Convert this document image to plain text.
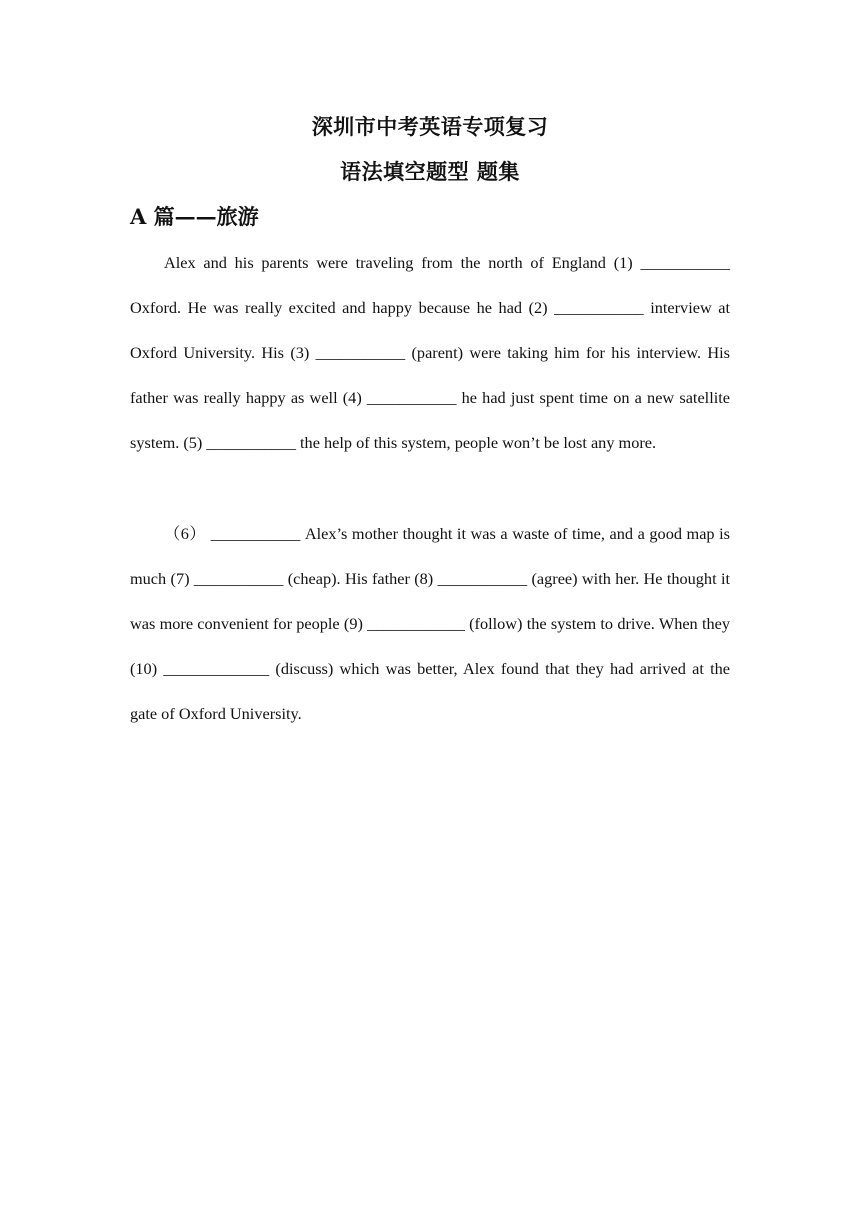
深圳市中考英语专项复习
语法填空题型 题集
A 篇——旅游

Alex and his parents were traveling from the north of England (1) ___________ Oxford. He was really excited and happy because he had (2) ___________ interview at Oxford University. His (3) ___________ (parent) were taking him for his interview. His father was really happy as well (4) ___________ he had just spent time on a new satellite system. (5) ___________ the help of this system, people won’t be lost any more.

（6） ___________ Alex’s mother thought it was a waste of time, and a good map is much (7) ___________ (cheap). His father (8) ___________ (agree) with her. He thought it was more convenient for people (9) ____________ (follow) the system to drive. When they (10) _____________ (discuss) which was better, Alex found that they had arrived at the gate of Oxford University.
